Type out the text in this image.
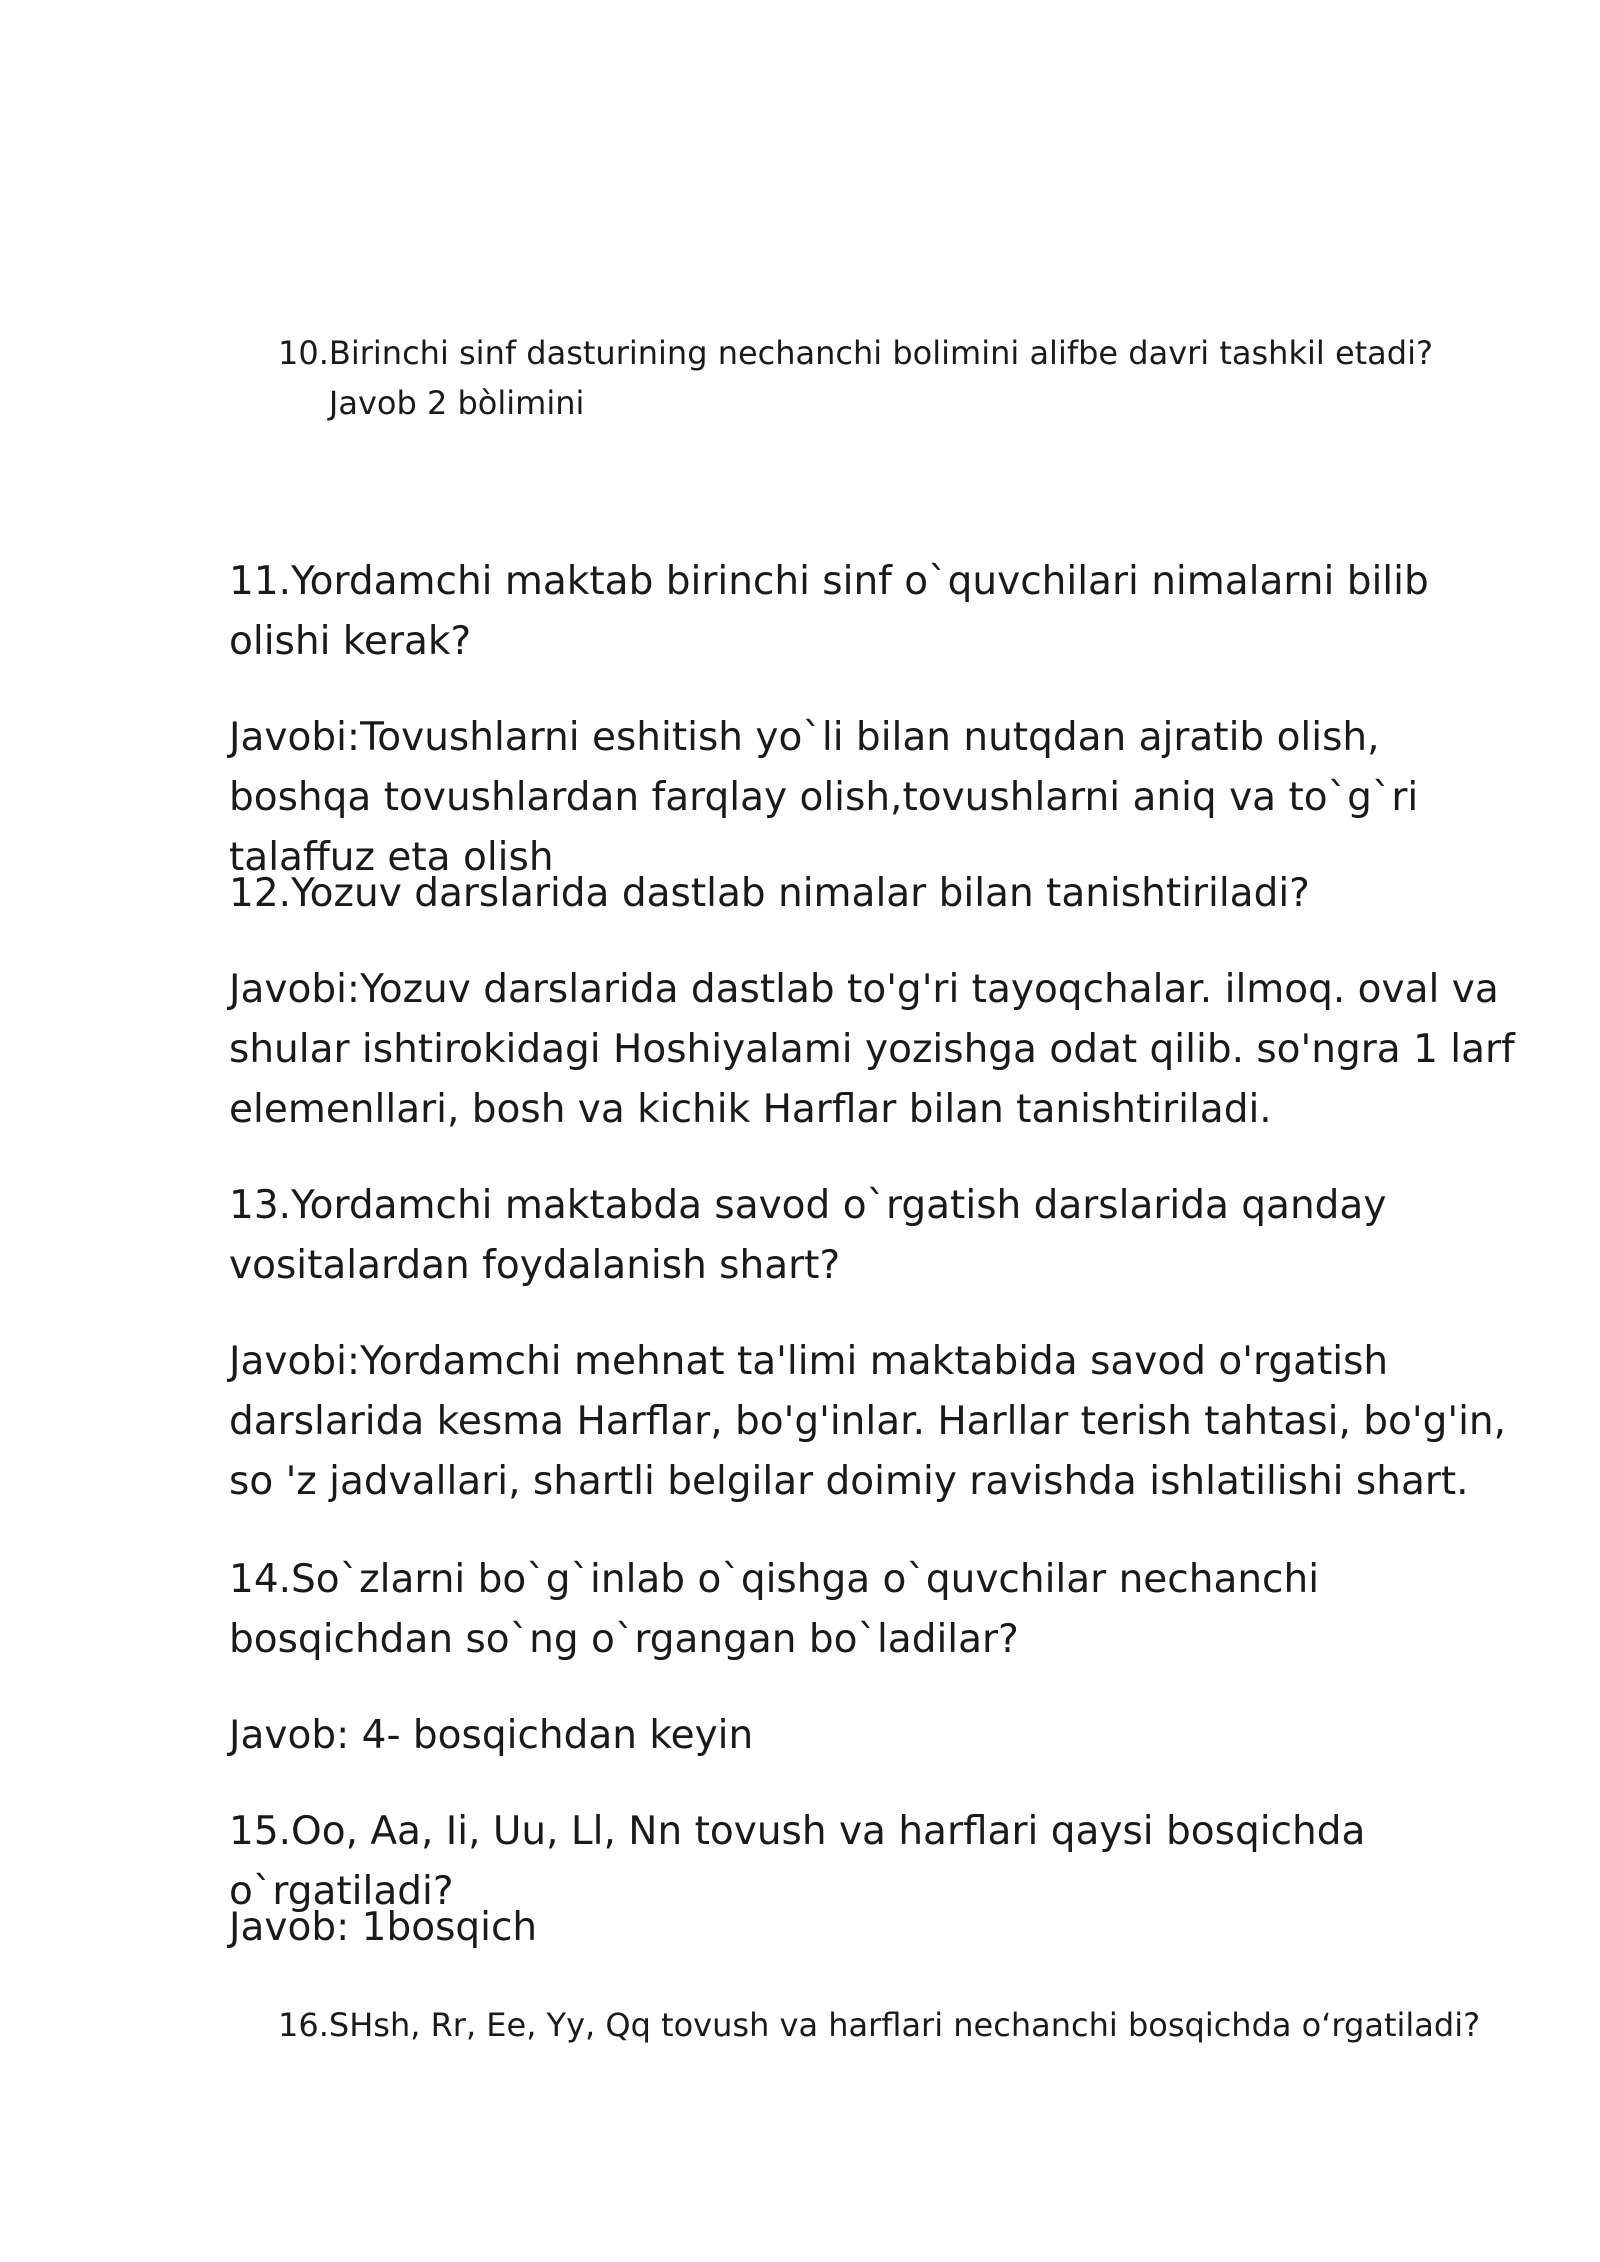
10. Birinchi sinf dasturining nechanchi bolimini alifbe davri tashkil etadi? Javob 2 bòlimini

11.Yordamchi maktab birinchi sinf o`quvchilari nimalarni bilib olishi kerak?

Javobi:Tovushlarni eshitish yo`li bilan nutqdan ajratib olish, boshqa tovushlardan farqlay olish,tovushlarni aniq va to`g`ri talaffuz eta olish

12.Yozuv darslarida dastlab nimalar bilan tanishtiriladi?

Javobi:Yozuv darslarida dastlab to'g'ri tayoqchalar. ilmoq. oval va shular ishtirokidagi Hoshiyalami yozishga odat qilib. so'ngra 1 larf elemenllari, bosh va kichik Harflar bilan tanishtiriladi.

13.Yordamchi maktabda savod o`rgatish darslarida qanday vositalardan foydalanish shart?

Javobi:Yordamchi mehnat ta'limi maktabida savod o'rgatish darslarida kesma Harflar, bo'g'inlar. Harllar terish tahtasi, bo'g'in, so 'z jadvallari, shartli belgilar doimiy ravishda ishlatilishi shart.

14.So`zlarni bo`g`inlab o`qishga o`quvchilar nechanchi bosqichdan so`ng o`rgangan bo`ladilar?

Javob: 4- bosqichdan keyin

15.Oo, Aa, Ii, Uu, Ll, Nn tovush va harflari qaysi bosqichda o`rgatiladi?

Javob: 1bosqich

16. SHsh, Rr, Ee, Yy, Qq tovush va harflari nechanchi bosqichda o‘rgatiladi?
